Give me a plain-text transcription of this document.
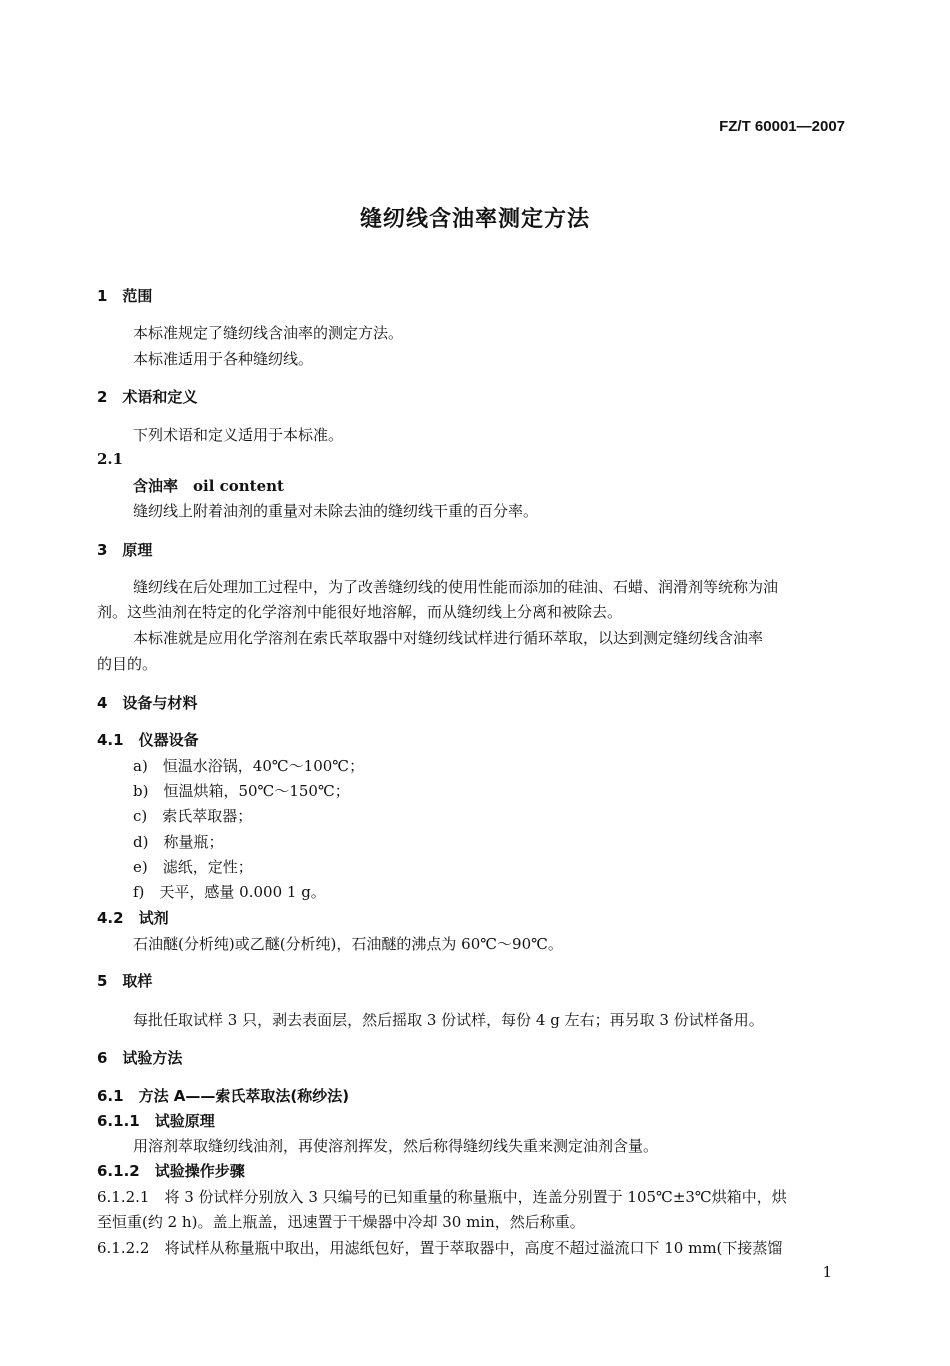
FZ/T 60001—2007
缝纫线含油率测定方法
1　范围
本标准规定了缝纫线含油率的测定方法。
本标准适用于各种缝纫线。
2　术语和定义
下列术语和定义适用于本标准。
2.1
含油率　oil content
缝纫线上附着油剂的重量对未除去油的缝纫线干重的百分率。
3　原理
缝纫线在后处理加工过程中，为了改善缝纫线的使用性能而添加的硅油、石蜡、润滑剂等统称为油
剂。这些油剂在特定的化学溶剂中能很好地溶解，而从缝纫线上分离和被除去。
本标准就是应用化学溶剂在索氏萃取器中对缝纫线试样进行循环萃取，以达到测定缝纫线含油率
的目的。
4　设备与材料
4.1　仪器设备
a)　恒温水浴锅，40℃～100℃；
b)　恒温烘箱，50℃～150℃；
c)　索氏萃取器；
d)　称量瓶；
e)　滤纸，定性；
f)　天平，感量 0.000 1 g。
4.2　试剂
石油醚(分析纯)或乙醚(分析纯)，石油醚的沸点为 60℃～90℃。
5　取样
每批任取试样 3 只，剥去表面层，然后摇取 3 份试样，每份 4 g 左右；再另取 3 份试样备用。
6　试验方法
6.1　方法 A——索氏萃取法(称纱法)
6.1.1　试验原理
用溶剂萃取缝纫线油剂，再使溶剂挥发，然后称得缝纫线失重来测定油剂含量。
6.1.2　试验操作步骤
6.1.2.1　将 3 份试样分别放入 3 只编号的已知重量的称量瓶中，连盖分别置于 105℃±3℃烘箱中，烘
至恒重(约 2 h)。盖上瓶盖，迅速置于干燥器中冷却 30 min，然后称重。
6.1.2.2　将试样从称量瓶中取出，用滤纸包好，置于萃取器中，高度不超过溢流口下 10 mm(下接蒸馏
1
